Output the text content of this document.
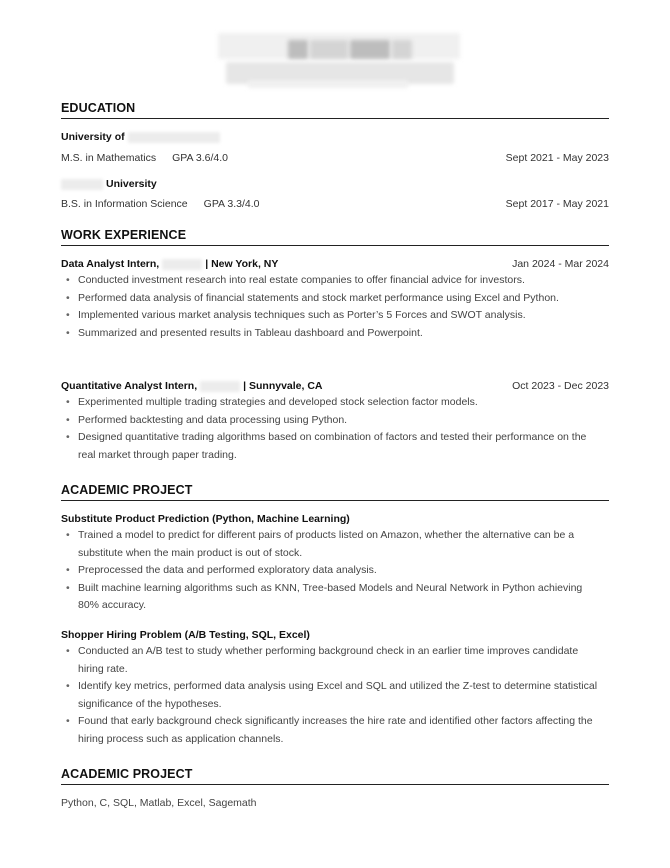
EDUCATION
University of
M.S. in Mathematics GPA 3.6/4.0	Sept 2021 - May 2023
University
B.S. in Information Science GPA 3.3/4.0	Sept 2017 - May 2021
WORK EXPERIENCE
Data Analyst Intern,	| New York, NY	Jan 2024 - Mar 2024
• Conducted investment research into real estate companies to offer financial advice for investors.
• Performed data analysis of financial statements and stock market performance using Excel and Python.
• Implemented various market analysis techniques such as Porter’s 5 Forces and SWOT analysis.
• Summarized and presented results in Tableau dashboard and Powerpoint.
Quantitative Analyst Intern,	| Sunnyvale, CA	Oct 2023 - Dec 2023
• Experimented multiple trading strategies and developed stock selection factor models.
• Performed backtesting and data processing using Python.
• Designed quantitative trading algorithms based on combination of factors and tested their performance on the real market through paper trading.
ACADEMIC PROJECT
Substitute Product Prediction (Python, Machine Learning)
• Trained a model to predict for different pairs of products listed on Amazon, whether the alternative can be a substitute when the main product is out of stock.
• Preprocessed the data and performed exploratory data analysis.
• Built machine learning algorithms such as KNN, Tree-based Models and Neural Network in Python achieving 80% accuracy.
Shopper Hiring Problem (A/B Testing, SQL, Excel)
• Conducted an A/B test to study whether performing background check in an earlier time improves candidate hiring rate.
• Identify key metrics, performed data analysis using Excel and SQL and utilized the Z-test to determine statistical significance of the hypotheses.
• Found that early background check significantly increases the hire rate and identified other factors affecting the hiring process such as application channels.
ACADEMIC PROJECT
Python, C, SQL, Matlab, Excel, Sagemath
